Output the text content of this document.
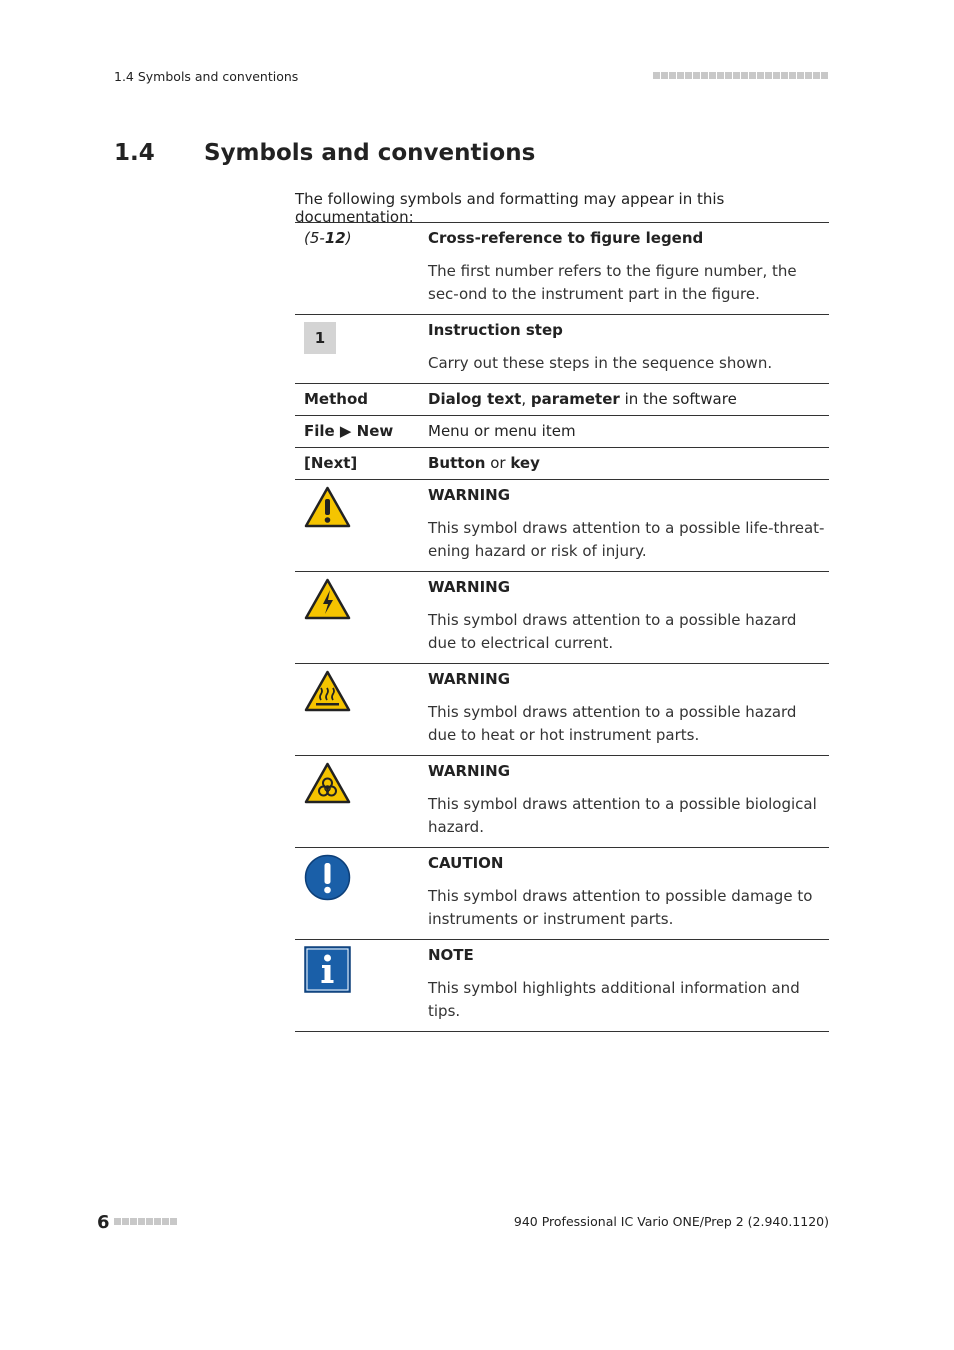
1.4 Symbols and conventions
1.4	Symbols and conventions
The following symbols and formatting may appear in this documentation:
(5-12)	Cross-reference to figure legend
The first number refers to the figure number, the sec-ond to the instrument part in the figure.

1	Instruction step
Carry out these steps in the sequence shown.

Method	Dialog text, parameter in the software

File ▶ New	Menu or menu item

[Next]	Button or key

WARNING
This symbol draws attention to a possible life-threat-ening hazard or risk of injury.

WARNING
This symbol draws attention to a possible hazard due to electrical current.

WARNING
This symbol draws attention to a possible hazard due to heat or hot instrument parts.

WARNING
This symbol draws attention to a possible biological hazard.

CAUTION
This symbol draws attention to possible damage to instruments or instrument parts.

NOTE
This symbol highlights additional information and tips.
6	940 Professional IC Vario ONE/Prep 2 (2.940.1120)
